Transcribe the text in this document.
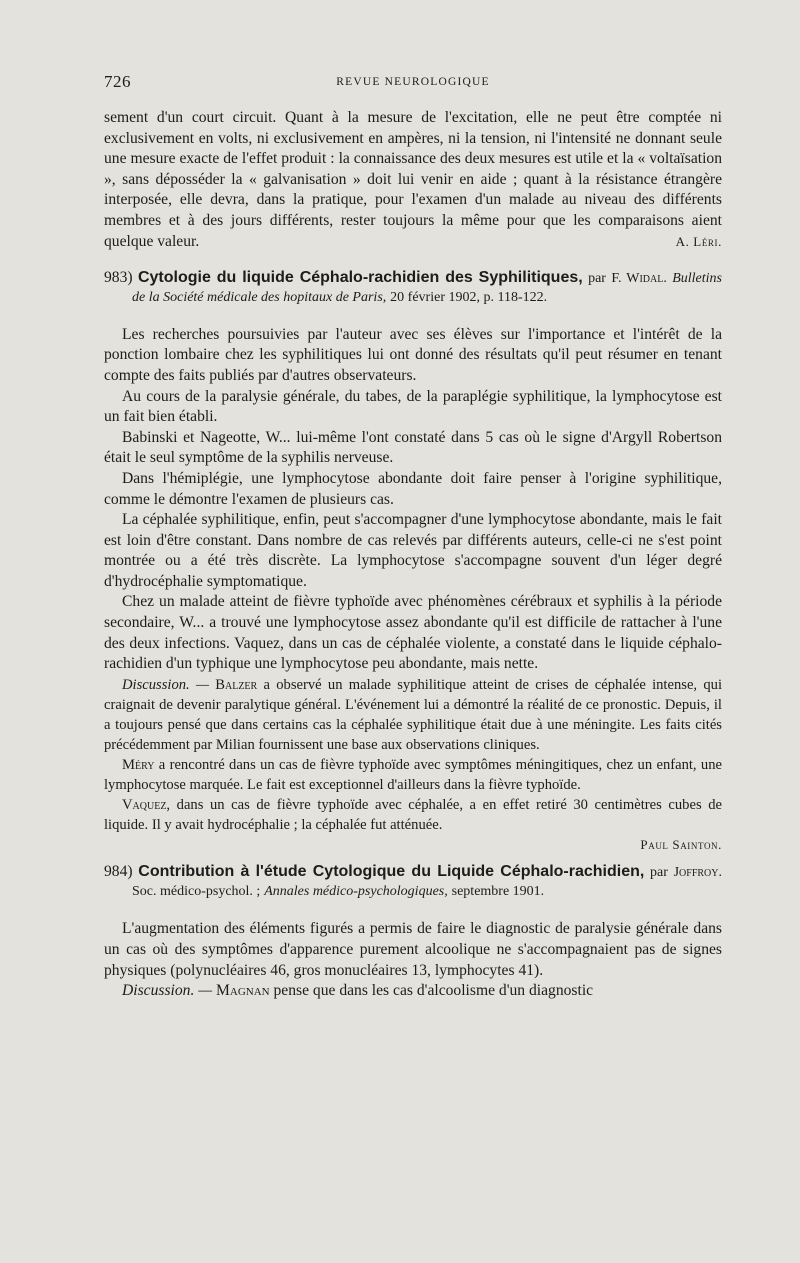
726	REVUE NEUROLOGIQUE

sement d'un court circuit. Quant à la mesure de l'excitation, elle ne peut être comptée ni exclusivement en volts, ni exclusivement en ampères, ni la tension, ni l'intensité ne donnant seule une mesure exacte de l'effet produit : la connaissance des deux mesures est utile et la « voltaïsation », sans déposséder la « galvanisation » doit lui venir en aide ; quant à la résistance étrangère interposée, elle devra, dans la pratique, pour l'examen d'un malade au niveau des différents membres et à des jours différents, rester toujours la même pour que les comparaisons aient quelque valeur.	A. Léri.
983) Cytologie du liquide Céphalo-rachidien des Syphilitiques, par F. Widal. Bulletins de la Société médicale des hopitaux de Paris, 20 février 1902, p. 118-122.

Les recherches poursuivies par l'auteur avec ses élèves sur l'importance et l'intérêt de la ponction lombaire chez les syphilitiques lui ont donné des résultats qu'il peut résumer en tenant compte des faits publiés par d'autres observateurs.

Au cours de la paralysie générale, du tabes, de la paraplégie syphilitique, la lymphocytose est un fait bien établi.

Babinski et Nageotte, W... lui-même l'ont constaté dans 5 cas où le signe d'Argyll Robertson était le seul symptôme de la syphilis nerveuse.

Dans l'hémiplégie, une lymphocytose abondante doit faire penser à l'origine syphilitique, comme le démontre l'examen de plusieurs cas.

La céphalée syphilitique, enfin, peut s'accompagner d'une lymphocytose abondante, mais le fait est loin d'être constant. Dans nombre de cas relevés par différents auteurs, celle-ci ne s'est point montrée ou a été très discrète. La lymphocytose s'accompagne souvent d'un léger degré d'hydrocéphalie symptomatique.

Chez un malade atteint de fièvre typhoïde avec phénomènes cérébraux et syphilis à la période secondaire, W... a trouvé une lymphocytose assez abondante qu'il est difficile de rattacher à l'une des deux infections. Vaquez, dans un cas de céphalée violente, a constaté dans le liquide céphalo-rachidien d'un typhique une lymphocytose peu abondante, mais nette.

Discussion. — Balzer a observé un malade syphilitique atteint de crises de céphalée intense, qui craignait de devenir paralytique général. L'événement lui a démontré la réalité de ce pronostic. Depuis, il a toujours pensé que dans certains cas la céphalée syphilitique était due à une méningite. Les faits cités précédemment par Milian fournissent une base aux observations cliniques.

Méry a rencontré dans un cas de fièvre typhoïde avec symptômes méningitiques, chez un enfant, une lymphocytose marquée. Le fait est exceptionnel d'ailleurs dans la fièvre typhoïde.

Vaquez, dans un cas de fièvre typhoïde avec céphalée, a en effet retiré 30 centimètres cubes de liquide. Il y avait hydrocéphalie ; la céphalée fut atténuée.

Paul Sainton.
984) Contribution à l'étude Cytologique du Liquide Céphalo-rachidien, par Joffroy. Soc. médico-psychol. ; Annales médico-psychologiques, septembre 1901.

L'augmentation des éléments figurés a permis de faire le diagnostic de paralysie générale dans un cas où des symptômes d'apparence purement alcoolique ne s'accompagnaient pas de signes physiques (polynucléaires 46, gros monucléaires 13, lymphocytes 41).

Discussion. — Magnan pense que dans les cas d'alcoolisme d'un diagnostic
